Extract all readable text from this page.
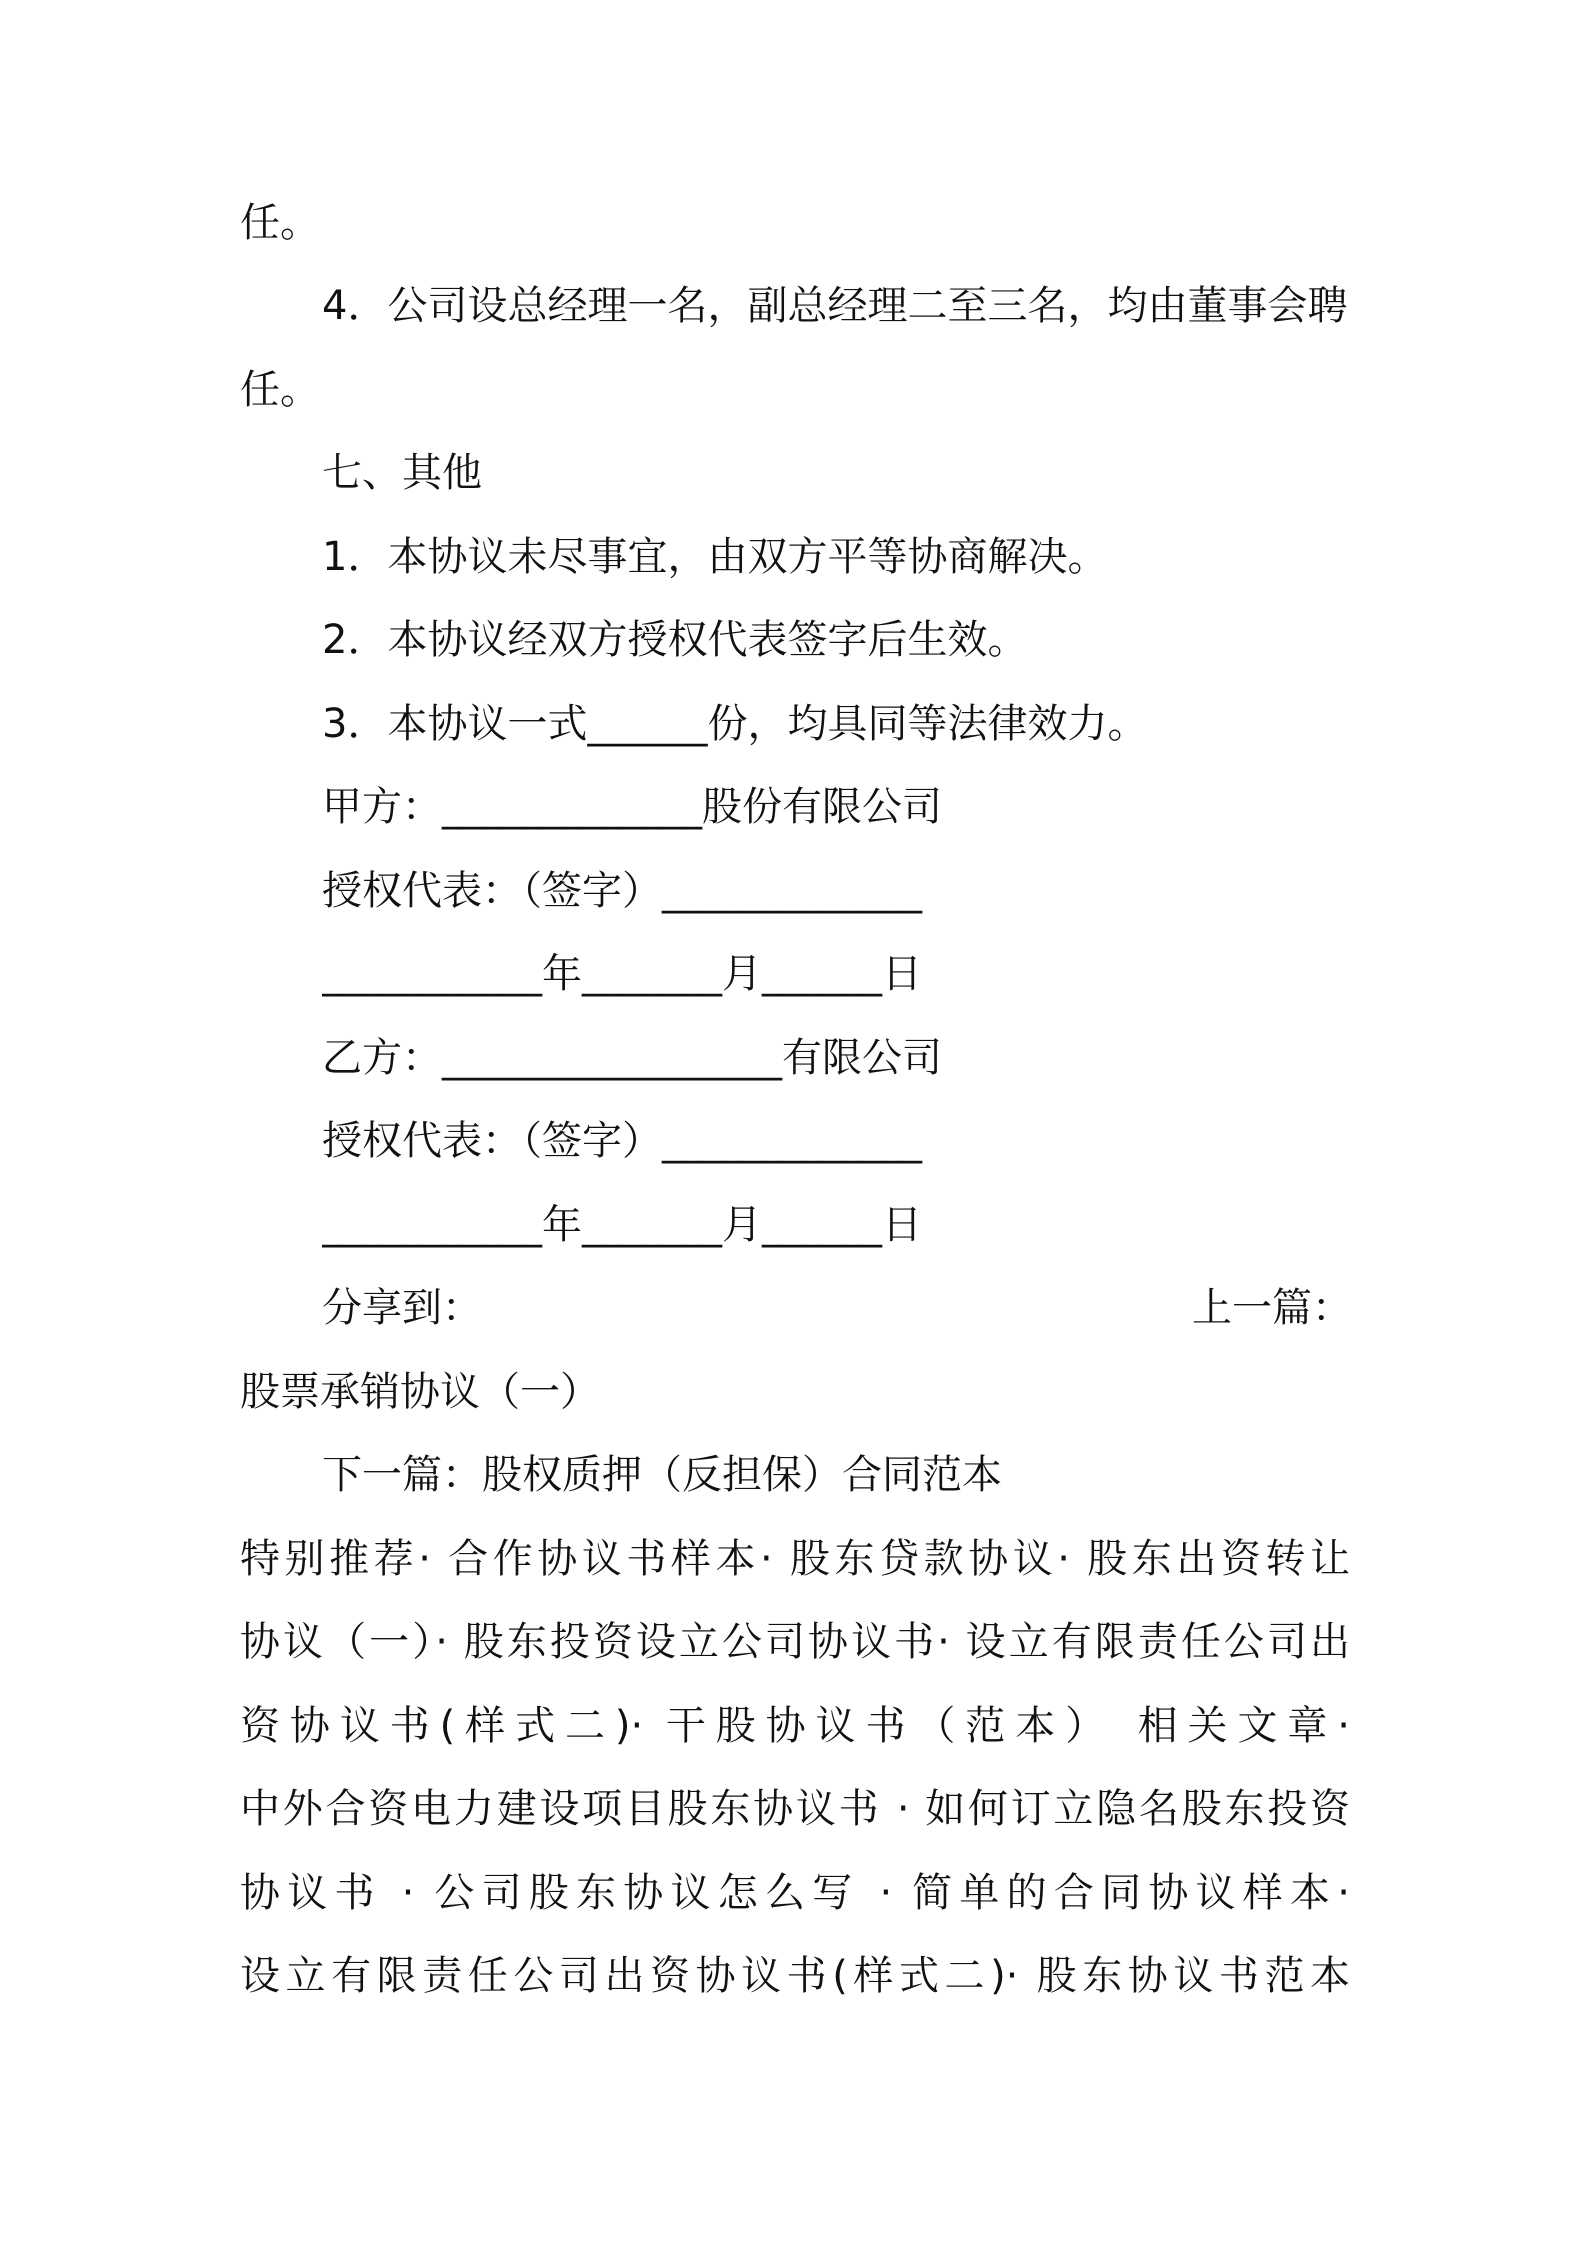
任。
4．公司设总经理一名，副总经理二至三名，均由董事会聘
任。
七、其他
1．本协议未尽事宜，由双方平等协商解决。
2．本协议经双方授权代表签字后生效。
3．本协议一式______份，均具同等法律效力。
甲方：_____________股份有限公司
授权代表：（签字）_____________
___________年_______月______日
乙方：_________________有限公司
授权代表：（签字）_____________
___________年_______月______日
分享到：	上一篇：
股票承销协议（一）
下一篇：股权质押（反担保）合同范本
特别推荐· 合作协议书样本· 股东贷款协议· 股东出资转让
协议（一）· 股东投资设立公司协议书· 设立有限责任公司出
资协议书(样式二)· 干股协议书（范本） 相关文章·
中外合资电力建设项目股东协议书 · 如何订立隐名股东投资
协议书 · 公司股东协议怎么写 · 简单的合同协议样本·
设立有限责任公司出资协议书(样式二)· 股东协议书范本
